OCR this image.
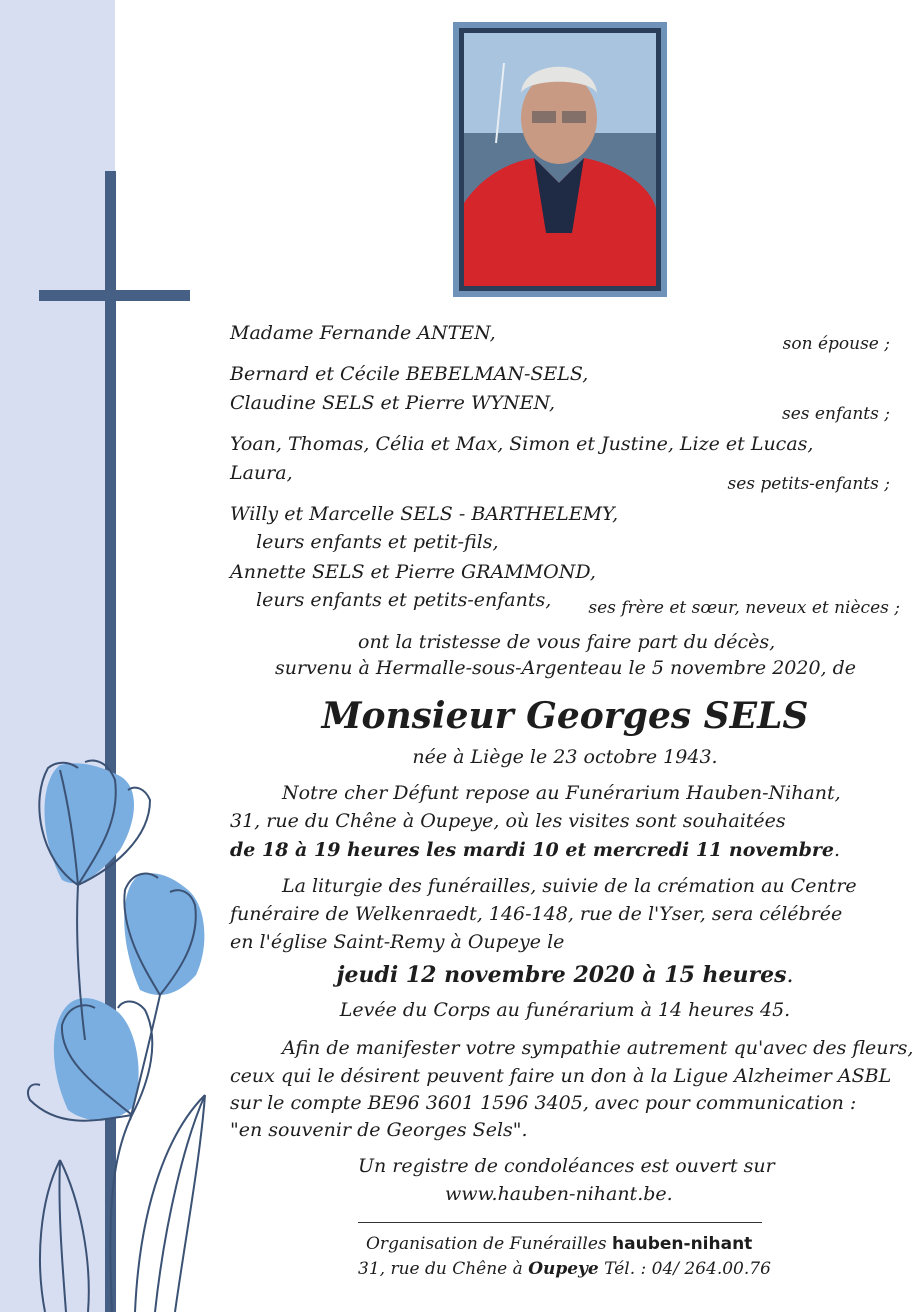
Madame Fernande ANTEN,	son épouse ;
Bernard et Cécile BEBELMAN-SELS,
Claudine SELS et Pierre WYNEN,	ses enfants ;
Yoan, Thomas, Célia et Max, Simon et Justine, Lize et Lucas,
Laura,	ses petits-enfants ;
Willy et Marcelle SELS - BARTHELEMY,
leurs enfants et petit-fils,
Annette SELS et Pierre GRAMMOND,
leurs enfants et petits-enfants, ses frère et sœur, neveux et nièces ;
ont la tristesse de vous faire part du décès,
survenu à Hermalle-sous-Argenteau le 5 novembre 2020, de
Monsieur Georges SELS
née à Liège le 23 octobre 1943.
Notre cher Défunt repose au Funérarium Hauben-Nihant,
31, rue du Chêne à Oupeye, où les visites sont souhaitées
de 18 à 19 heures les mardi 10 et mercredi 11 novembre.
La liturgie des funérailles, suivie de la crémation au Centre
funéraire de Welkenraedt, 146-148, rue de l'Yser, sera célébrée
en l'église Saint-Remy à Oupeye le
jeudi 12 novembre 2020 à 15 heures.
Levée du Corps au funérarium à 14 heures 45.
Afin de manifester votre sympathie autrement qu'avec des fleurs,
ceux qui le désirent peuvent faire un don à la Ligue Alzheimer ASBL
sur le compte BE96 3601 1596 3405, avec pour communication :
"en souvenir de Georges Sels".
Un registre de condoléances est ouvert sur
www.hauben-nihant.be.
Organisation de Funérailles hauben-nihant
31, rue du Chêne à Oupeye Tél. : 04/ 264.00.76
